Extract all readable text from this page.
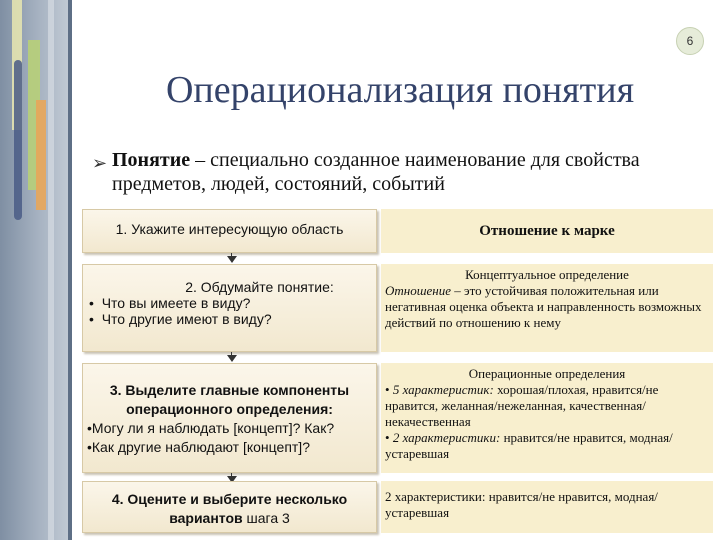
6
Операционализация понятия
➢ Понятие – специально созданное наименование для свойства предметов, людей, состояний, событий
1. Укажите интересующую область
2. Обдумайте понятие:
•  Что вы имеете в виду?
•  Что другие имеют в виду?
3. Выделите главные компоненты
операционного определения:
•Могу ли я наблюдать [концепт]? Как?
•Как другие наблюдают [концепт]?
4. Оцените и выберите несколько
вариантов шага 3
Отношение к марке
Концептуальное определение
Отношение – это устойчивая положительная или негативная оценка объекта и направленность возможных действий по отношению к нему
Операционные определения
• 5 характеристик: хорошая/плохая, нравится/не нравится, желанная/нежеланная, качественная/некачественная
• 2 характеристики: нравится/не нравится, модная/устаревшая
2 характеристики: нравится/не нравится, модная/устаревшая
